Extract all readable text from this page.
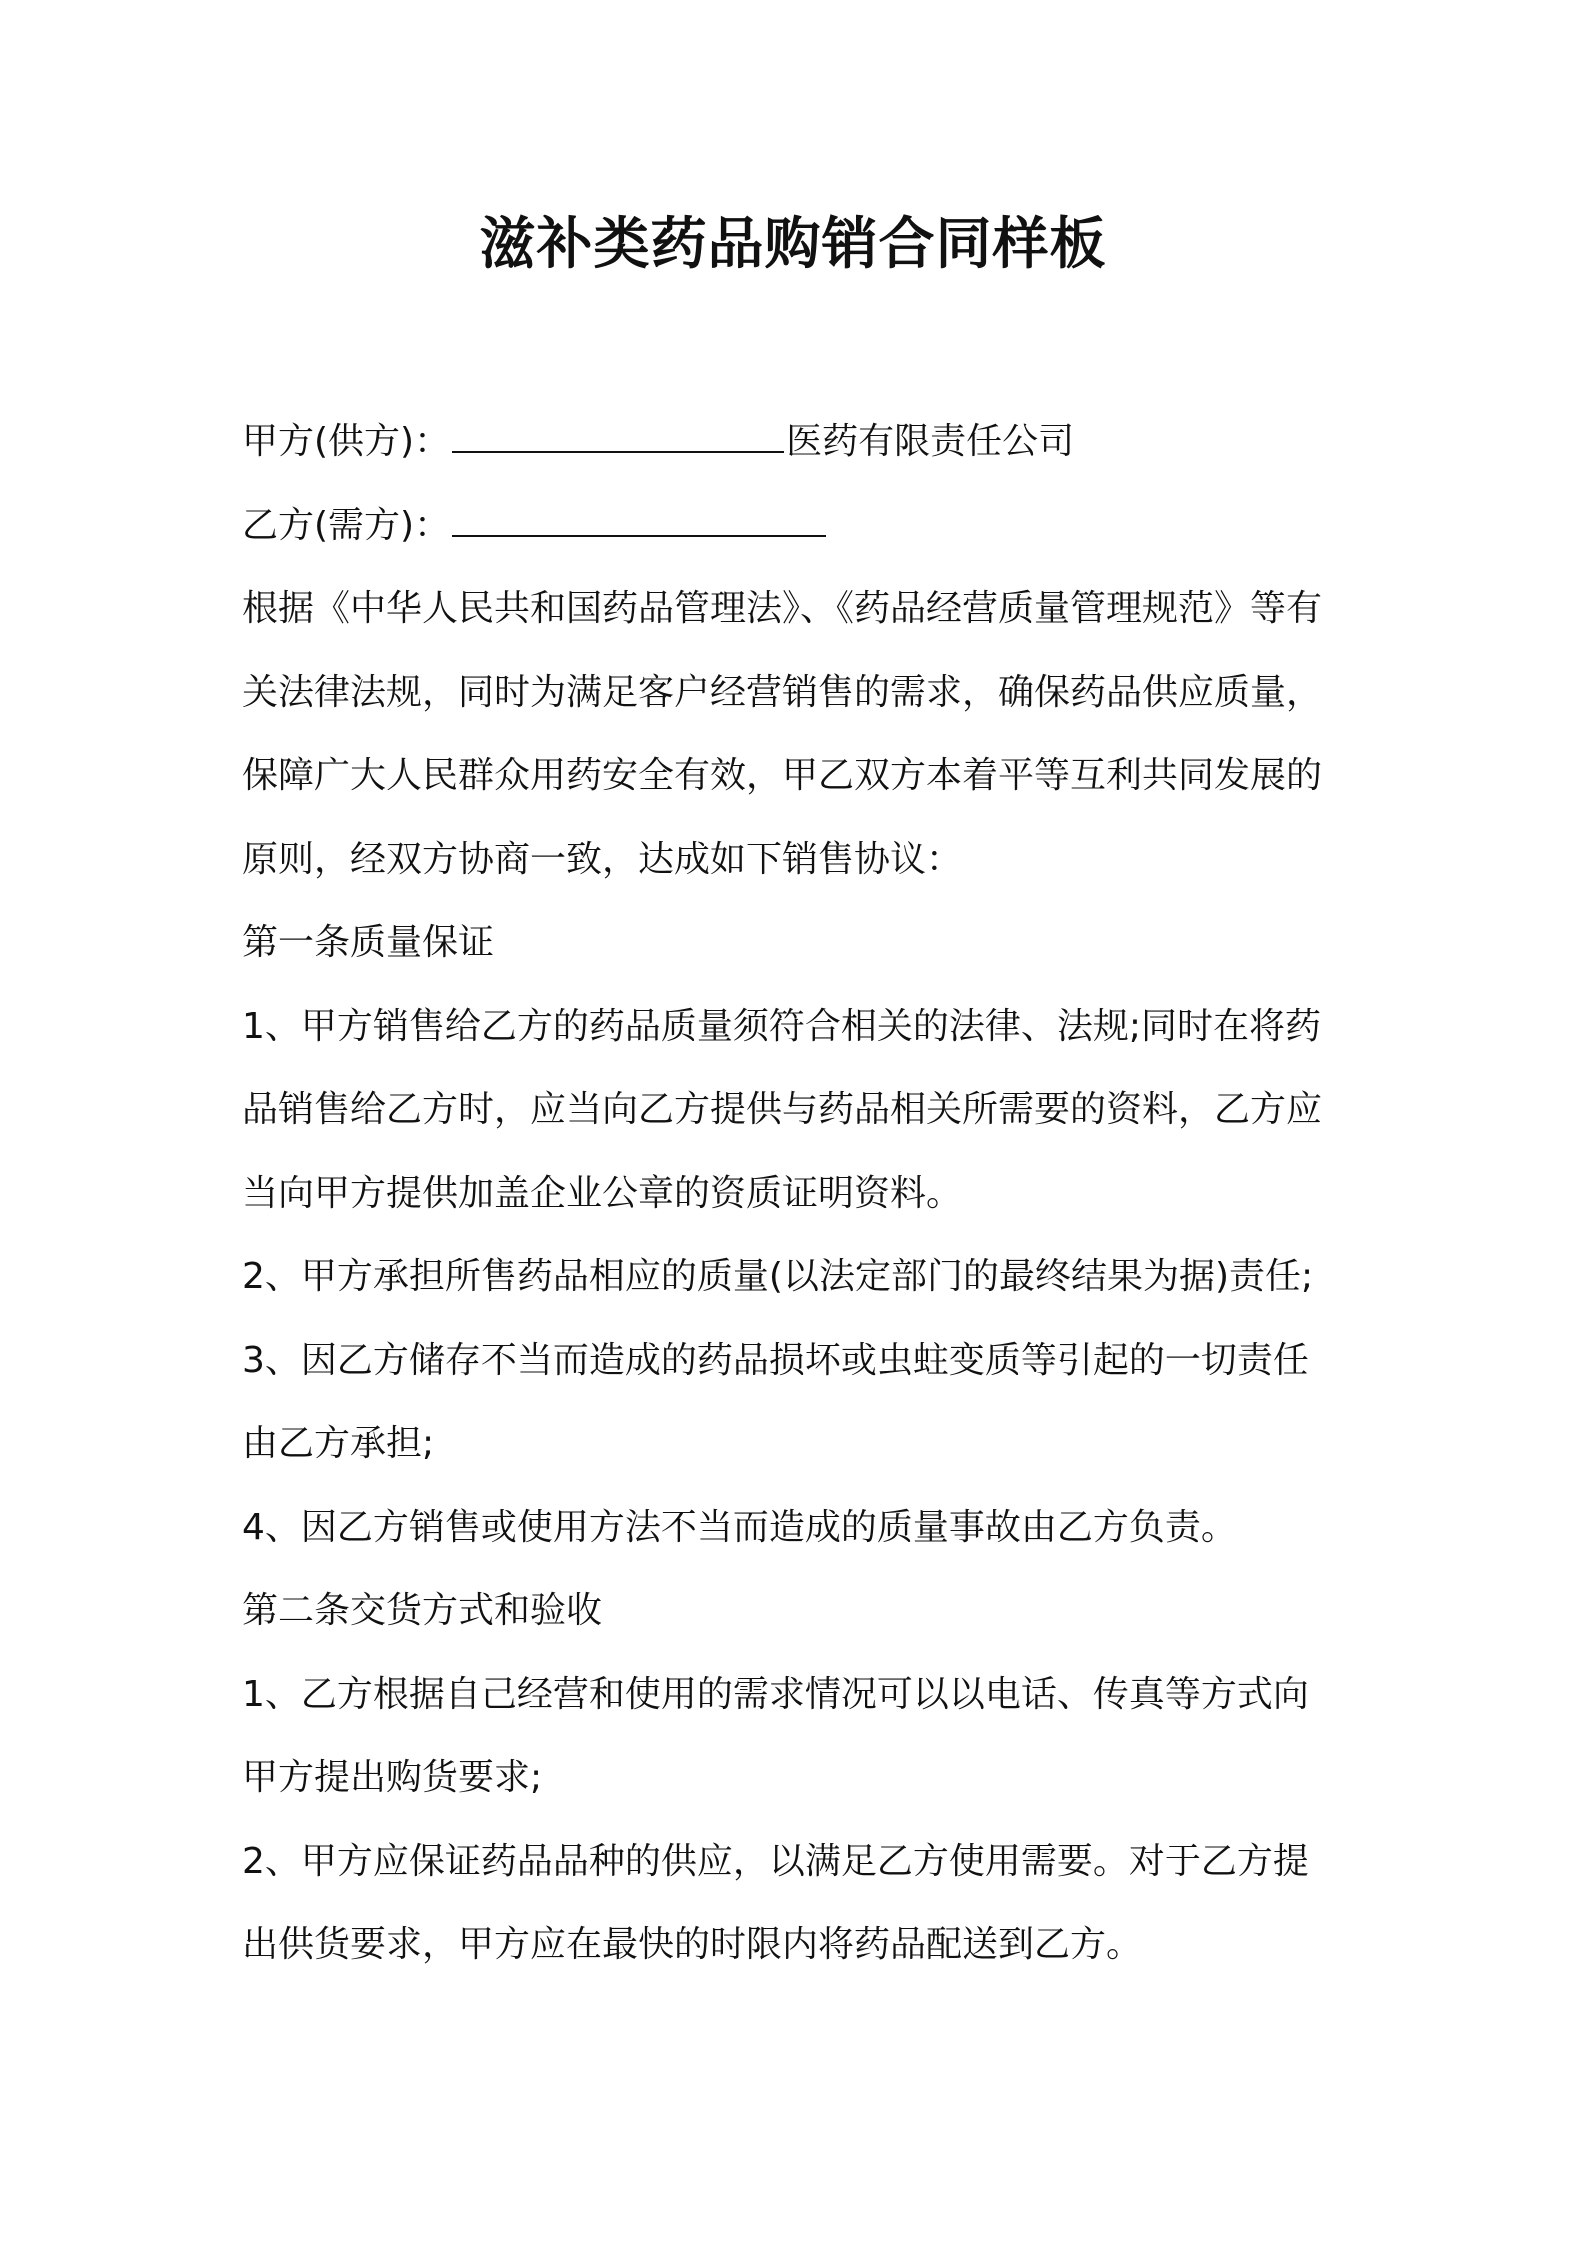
滋补类药品购销合同样板
甲方(供方)：	医药有限责任公司
乙方(需方)：
根据《中华人民共和国药品管理法》、《药品经营质量管理规范》等有
关法律法规，同时为满足客户经营销售的需求，确保药品供应质量，
保障广大人民群众用药安全有效，甲乙双方本着平等互利共同发展的
原则，经双方协商一致，达成如下销售协议：
第一条质量保证
1、甲方销售给乙方的药品质量须符合相关的法律、法规;同时在将药
品销售给乙方时，应当向乙方提供与药品相关所需要的资料，乙方应
当向甲方提供加盖企业公章的资质证明资料。
2、甲方承担所售药品相应的质量(以法定部门的最终结果为据)责任;
3、因乙方储存不当而造成的药品损坏或虫蛀变质等引起的一切责任
由乙方承担;
4、因乙方销售或使用方法不当而造成的质量事故由乙方负责。
第二条交货方式和验收
1、乙方根据自己经营和使用的需求情况可以以电话、传真等方式向
甲方提出购货要求;
2、甲方应保证药品品种的供应，以满足乙方使用需要。对于乙方提
出供货要求，甲方应在最快的时限内将药品配送到乙方。
